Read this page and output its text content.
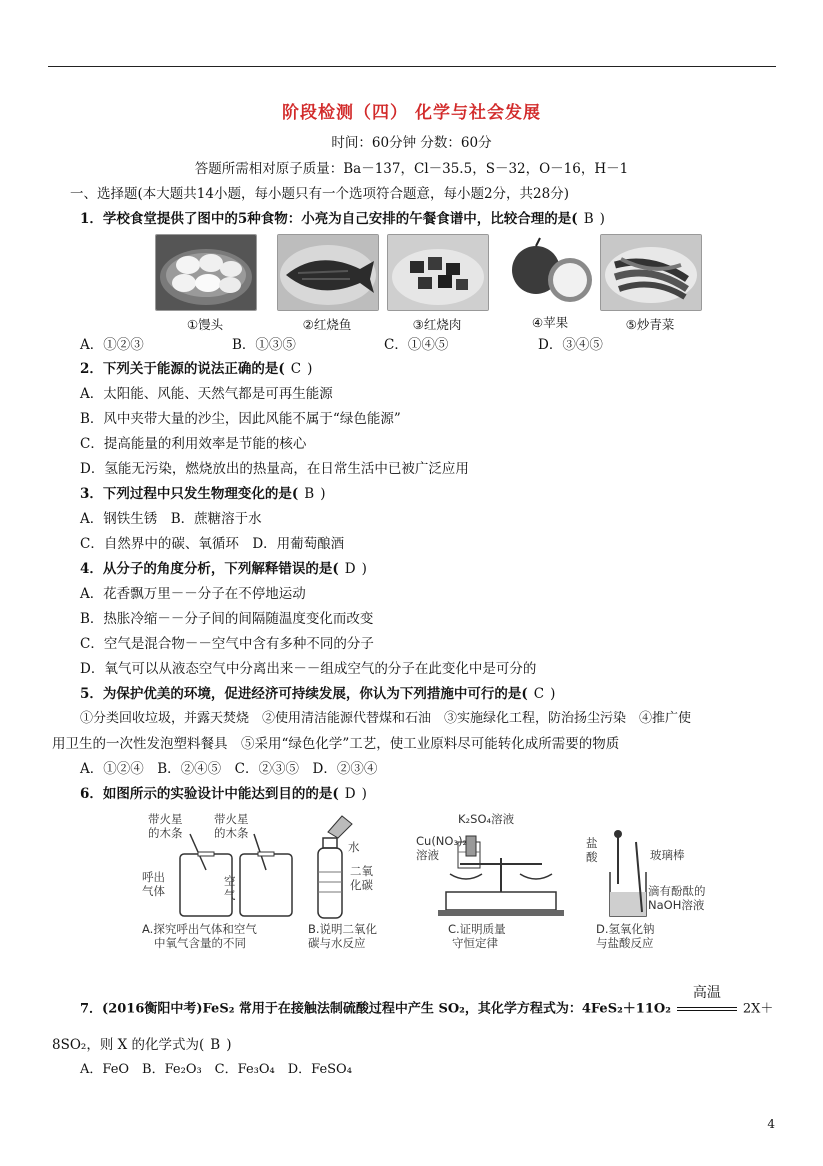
阶段检测（四） 化学与社会发展
时间：60分钟 分数：60分
答题所需相对原子质量：Ba－137，Cl－35.5，S－32，O－16，H－1
一、选择题(本大题共14小题，每小题只有一个选项符合题意，每小题2分，共28分)
1．学校食堂提供了图中的5种食物：小亮为自己安排的午餐食谱中，比较合理的是( B )
①馒头	②红烧鱼	③红烧肉	④苹果	⑤炒青菜
A．①②③	B．①③⑤	C．①④⑤	D．③④⑤
2．下列关于能源的说法正确的是( C )
A．太阳能、风能、天然气都是可再生能源
B．风中夹带大量的沙尘，因此风能不属于“绿色能源”
C．提高能量的利用效率是节能的核心
D．氢能无污染，燃烧放出的热量高，在日常生活中已被广泛应用
3．下列过程中只发生物理变化的是( B )
A．钢铁生锈　B．蔗糖溶于水
C．自然界中的碳、氧循环　D．用葡萄酿酒
4．从分子的角度分析，下列解释错误的是( D )
A．花香飘万里－－分子在不停地运动
B．热胀冷缩－－分子间的间隔随温度变化而改变
C．空气是混合物－－空气中含有多种不同的分子
D．氧气可以从液态空气中分离出来－－组成空气的分子在此变化中是可分的
5．为保护优美的环境，促进经济可持续发展，你认为下列措施中可行的是( C )
①分类回收垃圾，并露天焚烧　②使用清洁能源代替煤和石油　③实施绿化工程，防治扬尘污染　④推广使
用卫生的一次性发泡塑料餐具　⑤采用“绿色化学”工艺，使工业原料尽可能转化成所需要的物质
A．①②④　B．②④⑤　C．②③⑤　D．②③④
6．如图所示的实验设计中能达到目的的是( D )
带火星的木条
带火星的木条
呼出气体
空气
A.探究呼出气体和空气
中氧气含量的不同
水
二氧化碳
B.说明二氧化
碳与水反应
K₂SO₄溶液
Cu(NO₃)₂
溶液
C.证明质量
守恒定律
盐
酸	玻璃棒
滴有酚酞的
NaOH溶液
D.氢氧化钠
与盐酸反应
7．(2016衡阳中考)FeS₂ 常用于在接触法制硫酸过程中产生 SO₂，其化学方程式为：4FeS₂＋11O₂
高温
2X＋
8SO₂，则 X 的化学式为( B )
A．FeO　B．Fe₂O₃　C．Fe₃O₄　D．FeSO₄
4
